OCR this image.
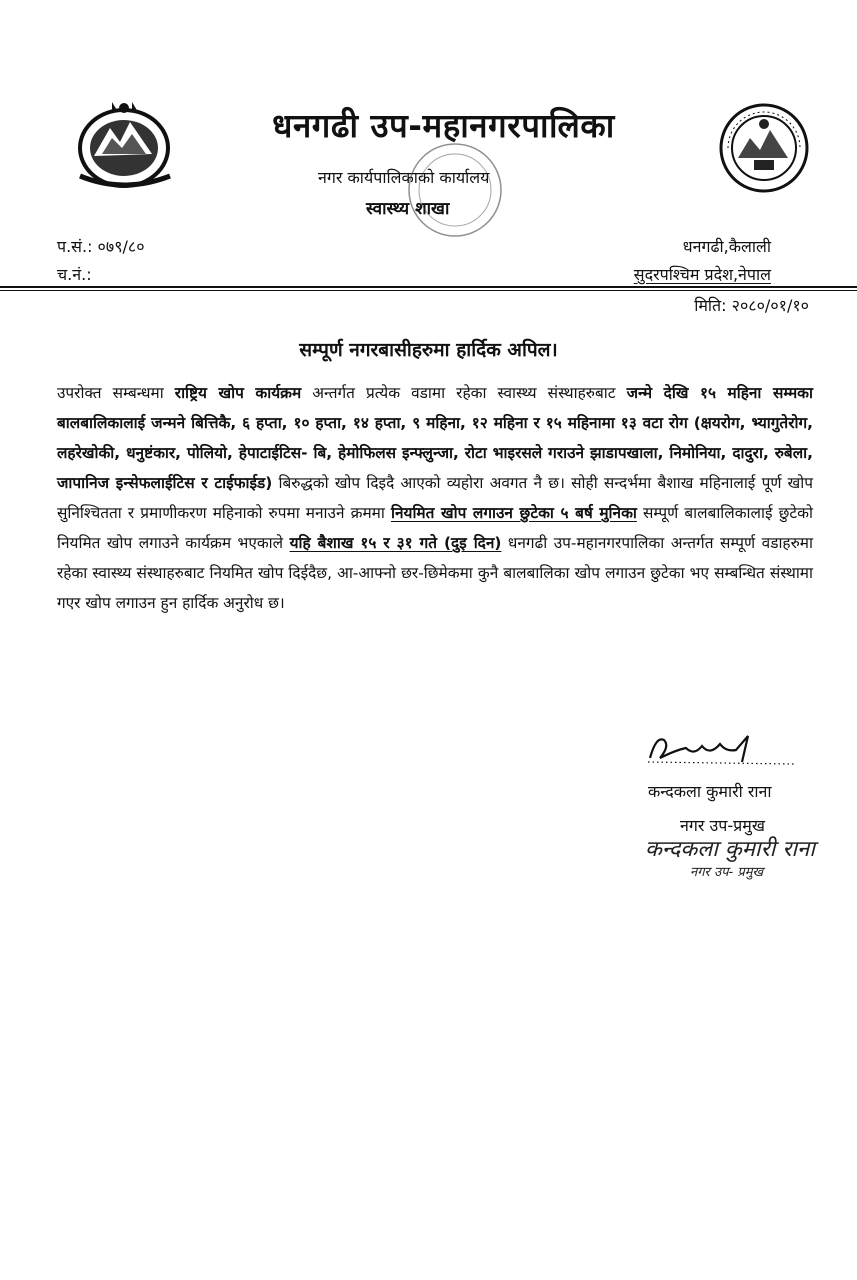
धनगढी उप-महानगरपालिका
नगर कार्यपालिकाको कार्यालय
स्वास्थ्य शाखा
प.सं.: ०७९/८०
च.नं.:
धनगढी,कैलाली
सुदरपश्चिम प्रदेश,नेपाल
मिति: २०८०/०१/१०
सम्पूर्ण नगरबासीहरुमा हार्दिक अपिल।
उपरोक्त सम्बन्धमा राष्ट्रिय खोप कार्यक्रम अन्तर्गत प्रत्येक वडामा रहेका स्वास्थ्य संस्थाहरुबाट जन्मे देखि १५ महिना सम्मका बालबालिकालाई जन्मने बित्तिकै, ६ हप्ता, १० हप्ता, १४ हप्ता, ९ महिना, १२ महिना र १५ महिनामा १३ वटा रोग (क्षयरोग, भ्यागुतेरोग, लहरेखोकी, धनुष्टंकार, पोलियो, हेपाटाईटिस- बि, हेमोफिलस इन्फ्लुन्जा, रोटा भाइरसले गराउने झाडापखाला, निमोनिया, दादुरा, रुबेला, जापानिज इन्सेफलाईटिस र टाईफाईड) बिरुद्धको खोप दिइदै आएको व्यहोरा अवगत नै छ। सोही सन्दर्भमा बैशाख महिनालाई पूर्ण खोप सुनिश्चितता र प्रमाणीकरण महिनाको रुपमा मनाउने क्रममा नियमित खोप लगाउन छुटेका ५ बर्ष मुनिका सम्पूर्ण बालबालिकालाई छुटेको नियमित खोप लगाउने कार्यक्रम भएकाले यहि बैशाख १५ र ३१ गते (दुइ दिन) धनगढी उप-महानगरपालिका अन्तर्गत सम्पूर्ण वडाहरुमा रहेका स्वास्थ्य संस्थाहरुबाट नियमित खोप दिईदैछ, आ-आफ्नो छर-छिमेकमा कुनै बालबालिका खोप लगाउन छुटेका भए सम्बन्धित संस्थामा गएर खोप लगाउन हुन हार्दिक अनुरोध छ।
कन्दकला कुमारी राना
नगर उप-प्रमुख
कन्दकला कुमारी राना
नगर उप- प्रमुख
